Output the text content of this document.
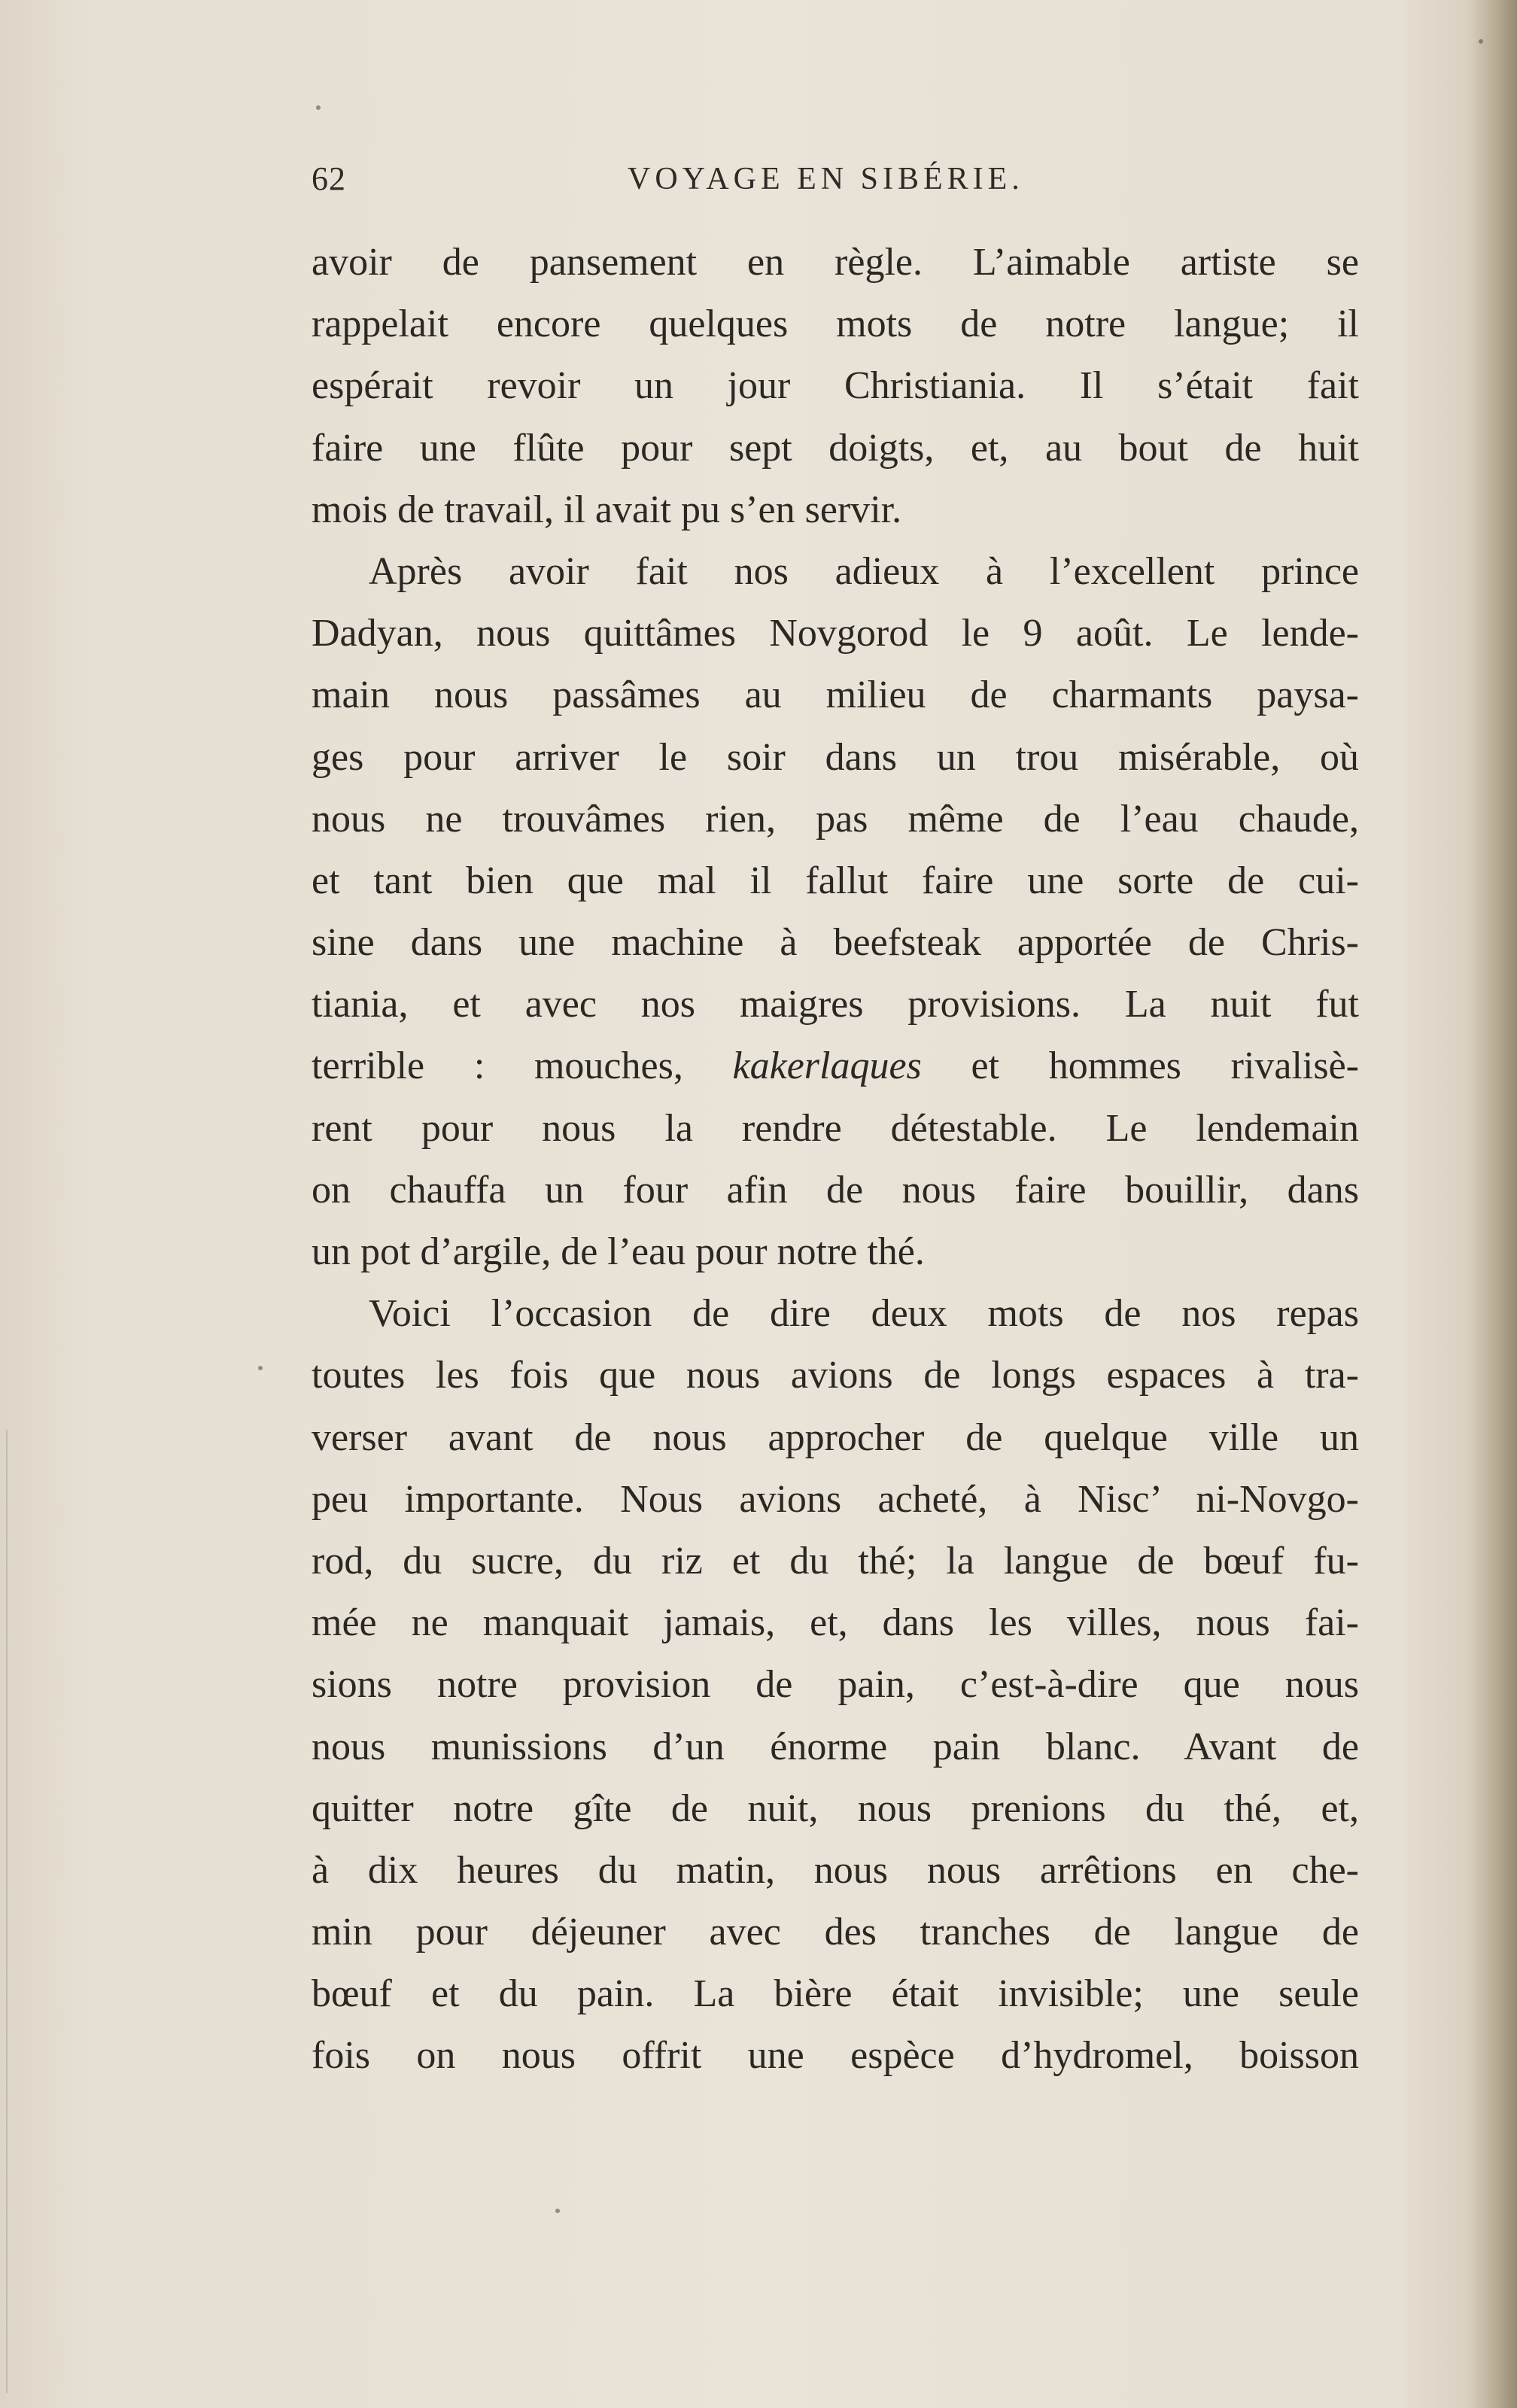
62	VOYAGE EN SIBÉRIE.
avoir de pansement en règle. L’aimable artiste se
rappelait encore quelques mots de notre langue; il
espérait revoir un jour Christiania. Il s’était fait
faire une flûte pour sept doigts, et, au bout de huit
mois de travail, il avait pu s’en servir.
Après avoir fait nos adieux à l’excellent prince
Dadyan, nous quittâmes Novgorod le 9 août. Le lende-
main nous passâmes au milieu de charmants paysa-
ges pour arriver le soir dans un trou misérable, où
nous ne trouvâmes rien, pas même de l’eau chaude,
et tant bien que mal il fallut faire une sorte de cui-
sine dans une machine à beefsteak apportée de Chris-
tiania, et avec nos maigres provisions. La nuit fut
terrible : mouches, kakerlaques et hommes rivalisè-
rent pour nous la rendre détestable. Le lendemain
on chauffa un four afin de nous faire bouillir, dans
un pot d’argile, de l’eau pour notre thé.
Voici l’occasion de dire deux mots de nos repas
toutes les fois que nous avions de longs espaces à tra-
verser avant de nous approcher de quelque ville un
peu importante. Nous avions acheté, à Nisc’ ni-Novgo-
rod, du sucre, du riz et du thé; la langue de bœuf fu-
mée ne manquait jamais, et, dans les villes, nous fai-
sions notre provision de pain, c’est-à-dire que nous
nous munissions d’un énorme pain blanc. Avant de
quitter notre gîte de nuit, nous prenions du thé, et,
à dix heures du matin, nous nous arrêtions en che-
min pour déjeuner avec des tranches de langue de
bœuf et du pain. La bière était invisible; une seule
fois on nous offrit une espèce d’hydromel, boisson
